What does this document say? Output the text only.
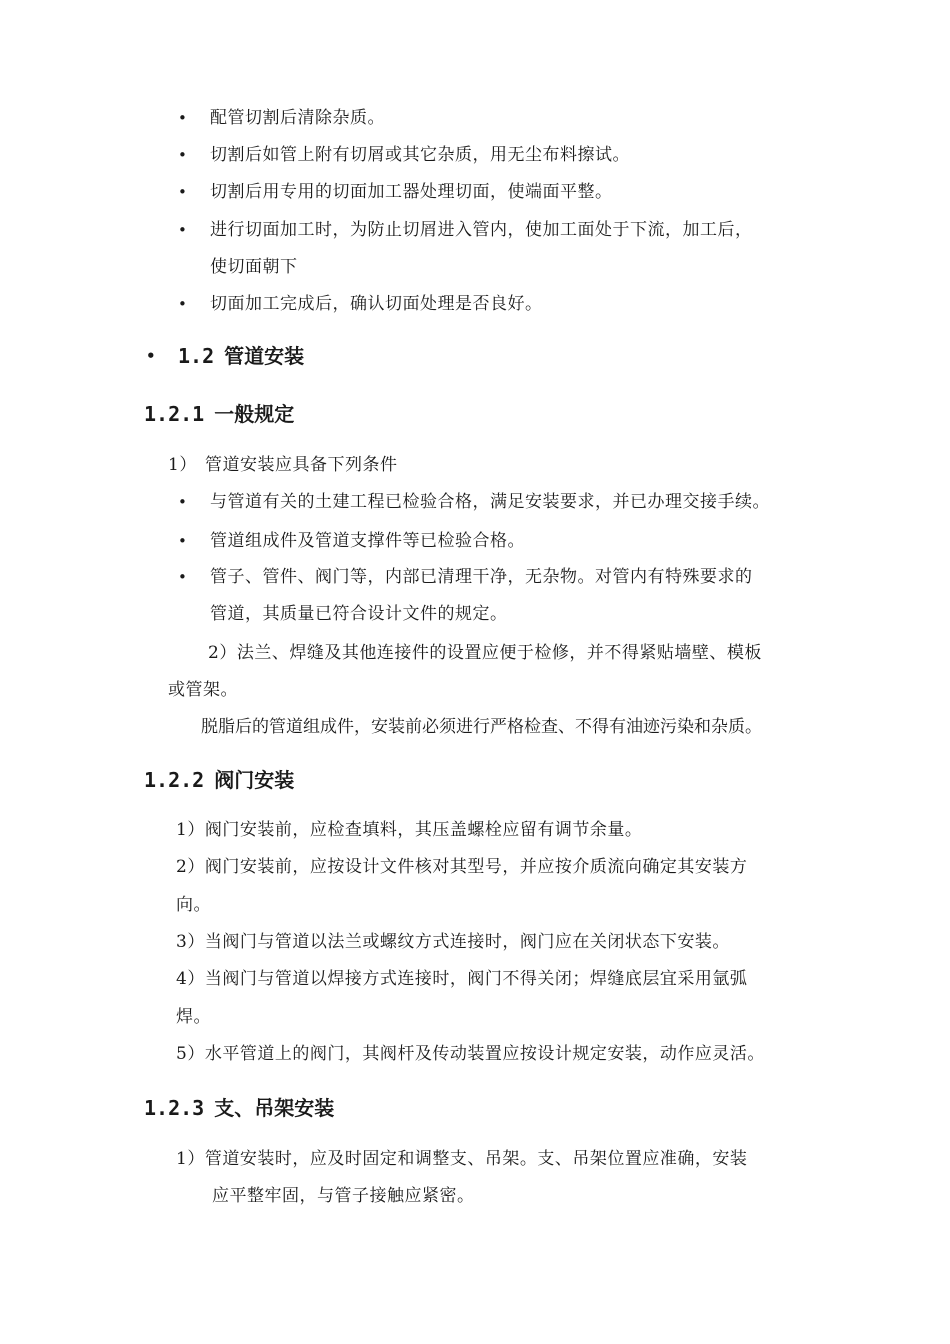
• 配管切割后清除杂质。
• 切割后如管上附有切屑或其它杂质，用无尘布料擦试。
• 切割后用专用的切面加工器处理切面，使端面平整。
• 进行切面加工时，为防止切屑进入管内，使加工面处于下流，加工后，
使切面朝下
• 切面加工完成后，确认切面处理是否良好。
• 1.2 管道安装
1.2.1 一般规定
1） 管道安装应具备下列条件
• 与管道有关的土建工程已检验合格，满足安装要求，并已办理交接手续。
• 管道组成件及管道支撑件等已检验合格。
• 管子、管件、阀门等，内部已清理干净，无杂物。对管内有特殊要求的
管道，其质量已符合设计文件的规定。
2）法兰、焊缝及其他连接件的设置应便于检修，并不得紧贴墙壁、模板
或管架。
脱脂后的管道组成件，安装前必须进行严格检查、不得有油迹污染和杂质。
1.2.2 阀门安装
1）阀门安装前，应检查填料，其压盖螺栓应留有调节余量。
2）阀门安装前，应按设计文件核对其型号，并应按介质流向确定其安装方
向。
3）当阀门与管道以法兰或螺纹方式连接时，阀门应在关闭状态下安装。
4）当阀门与管道以焊接方式连接时，阀门不得关闭；焊缝底层宜采用氩弧
焊。
5）水平管道上的阀门，其阀杆及传动装置应按设计规定安装，动作应灵活。
1.2.3 支、吊架安装
1）管道安装时，应及时固定和调整支、吊架。支、吊架位置应准确，安装
应平整牢固，与管子接触应紧密。
